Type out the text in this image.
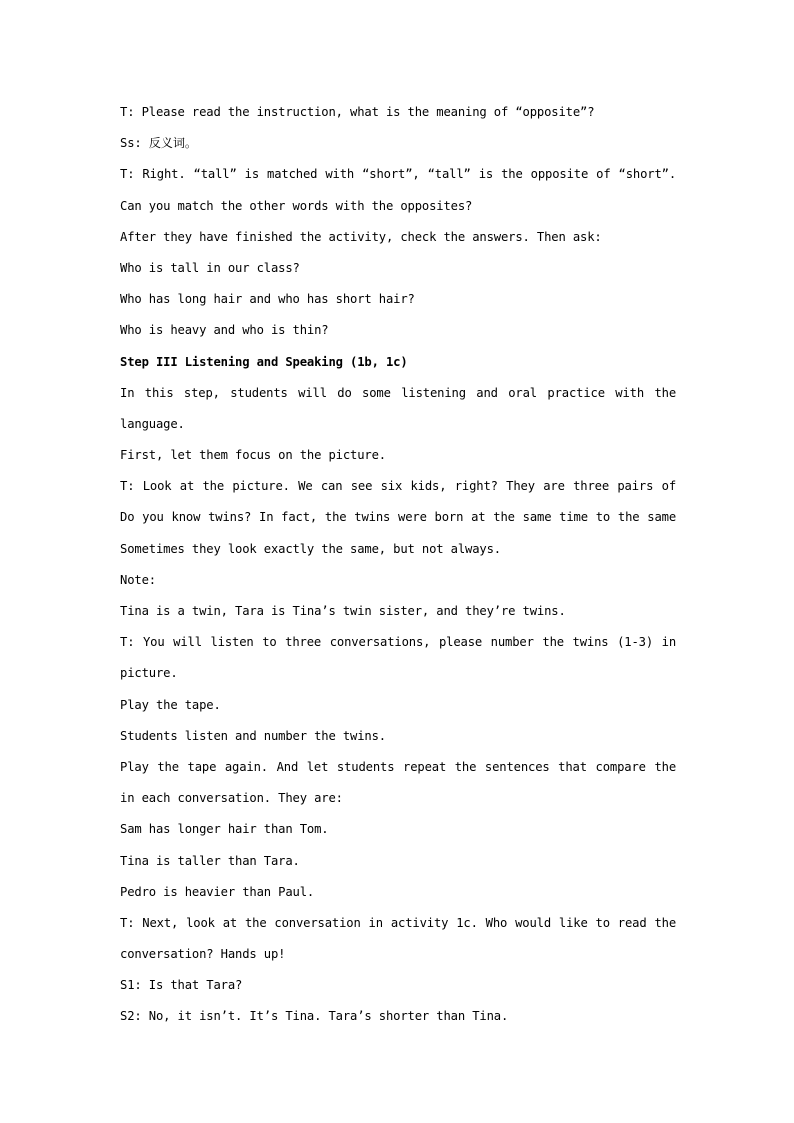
T: Please read the instruction, what is the meaning of “opposite”?
Ss: 反义词。
T: Right. “tall” is matched with “short”, “tall” is the opposite of “short”.
Can you match the other words with the opposites?
After they have finished the activity, check the answers. Then ask:
Who is tall in our class?
Who has long hair and who has short hair?
Who is heavy and who is thin?
Step III Listening and Speaking (1b, 1c)
In this step, students will do some listening and oral practice with the
language.
First, let them focus on the picture.
T: Look at the picture. We can see six kids, right? They are three pairs of
Do you know twins? In fact, the twins were born at the same time to the same
Sometimes they look exactly the same, but not always.
Note:
Tina is a twin, Tara is Tina’s twin sister, and they’re twins.
T: You will listen to three conversations, please number the twins (1-3) in
picture.
Play the tape.
Students listen and number the twins.
Play the tape again. And let students repeat the sentences that compare the
in each conversation. They are:
Sam has longer hair than Tom.
Tina is taller than Tara.
Pedro is heavier than Paul.
T: Next, look at the conversation in activity 1c. Who would like to read the
conversation? Hands up!
S1: Is that Tara?
S2: No, it isn’t. It’s Tina. Tara’s shorter than Tina.
